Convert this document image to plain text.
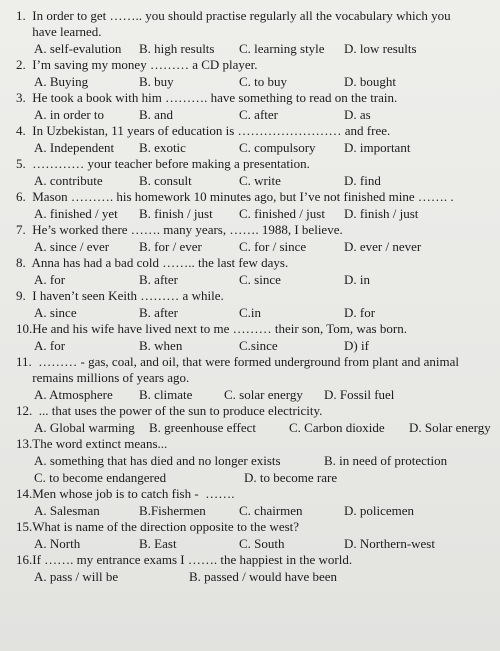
1.  In order to get …….. you should practise regularly all the vocabulary which you
have learned.
A. self-evalution B. high results C. learning style D. low results
2.  I’m saving my money ……… a CD player.
A. Buying	B. buy	C. to buy	D. bought
3.  He took a book with him ………. have something to read on the train.
A. in order to	B. and	C. after	D. as
4.  In Uzbekistan, 11 years of education is …………………… and free.
A. Independent B. exotic	C. compulsory D. important
5.  ………… your teacher before making a presentation.
A. contribute	B. consult	C. write	D. find
6.  Mason ………. his homework 10 minutes ago, but I’ve not finished mine ……. .
A. finished / yet B. finish / just C. finished / just D. finish / just
7.  He’s worked there ……. many years, ……. 1988, I believe.
A. since / ever B. for / ever	C. for / since	D. ever / never
8.  Anna has had a bad cold …….. the last few days.
A. for	B. after	C. since	D. in
9.  I haven’t seen Keith ……… a while.
A. since	B. after	C.in	D. for
10.He and his wife have lived next to me ……… their son, Tom, was born.
A. for	B. when	C.since	D) if
11.  ……… - gas, coal, and oil, that were formed underground from plant and animal
remains millions of years ago.
A. Atmosphere B. climate C. solar energy D. Fossil fuel
12.  ... that uses the power of the sun to produce electricity.
A. Global warming B. greenhouse effect	C. Carbon dioxide D. Solar energy
13.The word extinct means...
A. something that has died and no longer exists	B. in need of protection
C. to become endangered	D. to become rare
14.Men whose job is to catch fish -  …….
A. Salesman	B.Fishermen	C. chairmen	D. policemen
15.What is name of the direction opposite to the west?
A. North	B. East	C. South	D. Northern-west
16.If ……. my entrance exams I ……. the happiest in the world.
A. pass / will be	B. passed / would have been
